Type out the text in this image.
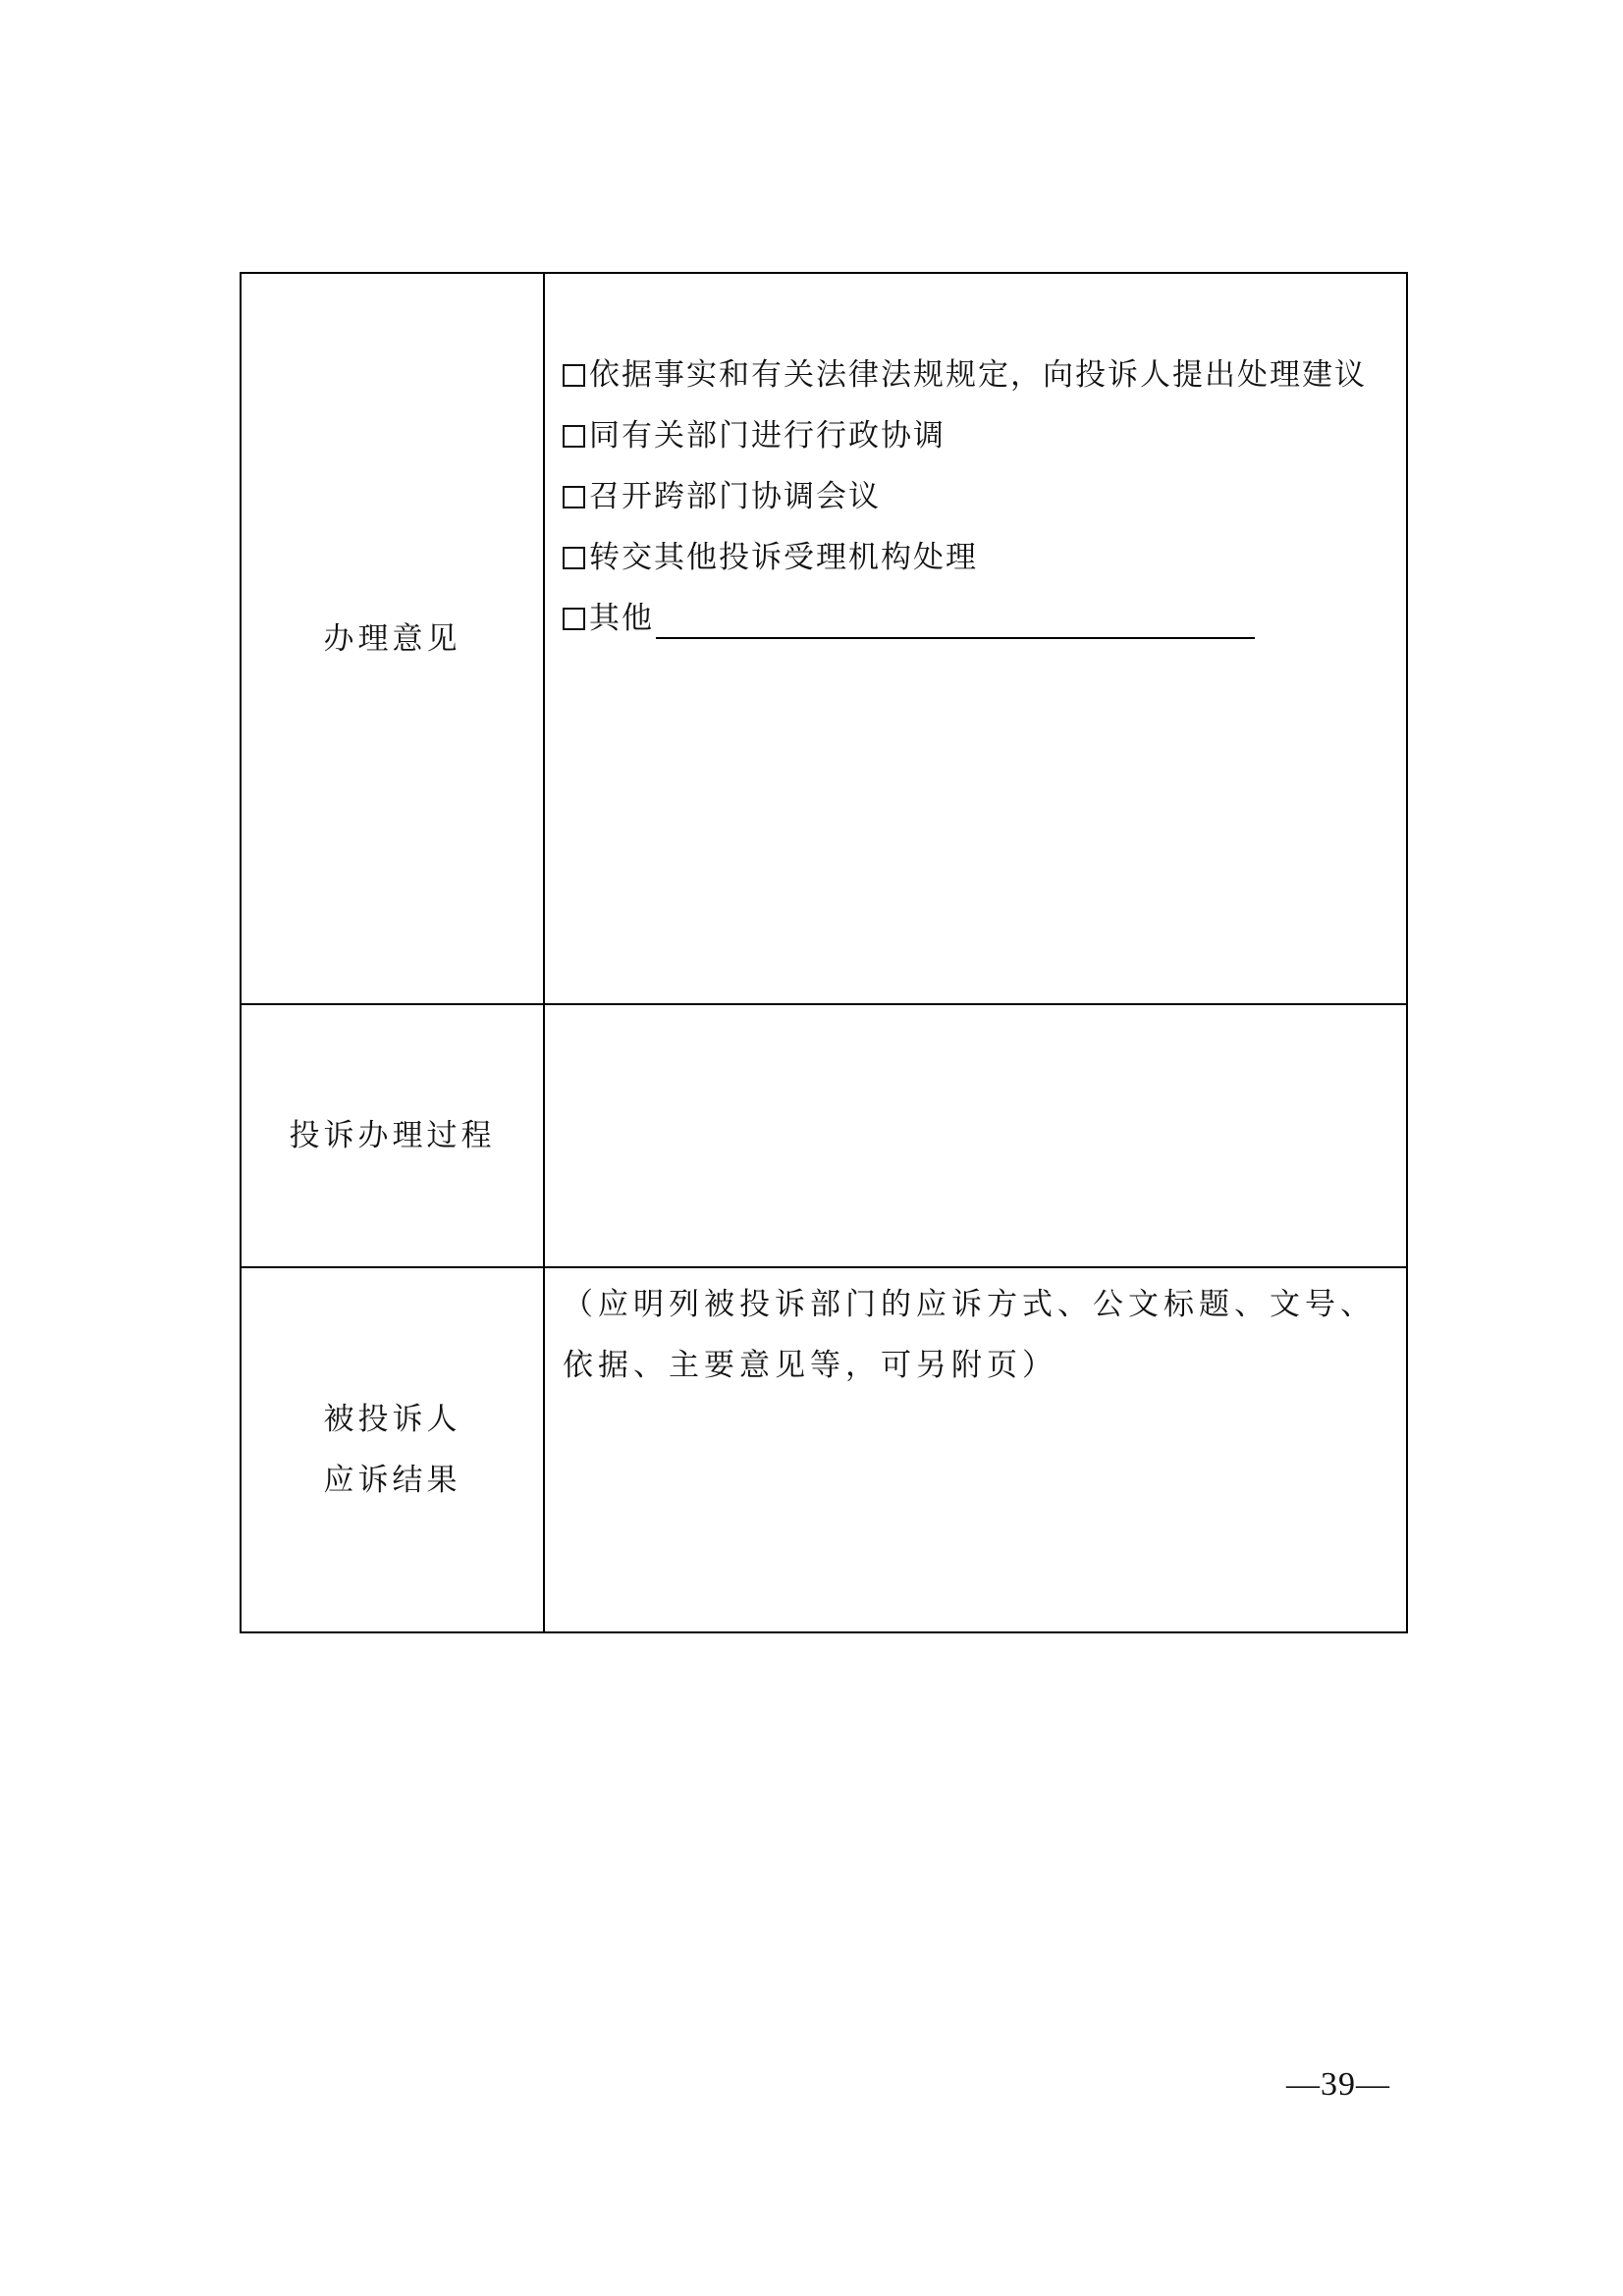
办理意见	依据事实和有关法律法规规定，向投诉人提出处理建议
同有关部门进行行政协调
召开跨部门协调会议
转交其他投诉受理机构处理
其他

投诉办理过程	

被投诉人
应诉结果	（应明列被投诉部门的应诉方式、公文标题、文号、依据、主要意见等，可另附页）
—39—
